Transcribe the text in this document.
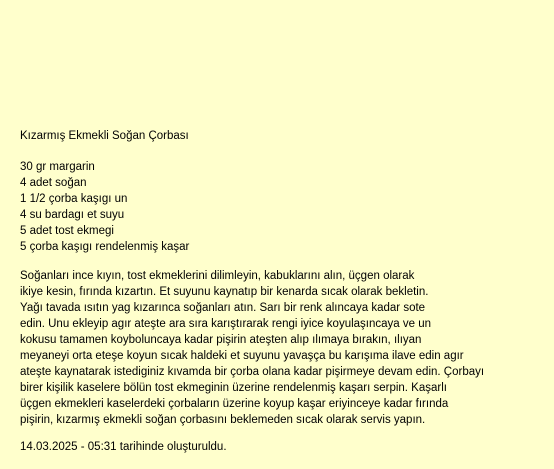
Kızarmış Ekmekli Soğan Çorbası
30 gr margarin
4 adet soğan
1 1/2 çorba kaşıgı un
4 su bardagı et suyu
5 adet tost ekmegi
5 çorba kaşıgı rendelenmiş kaşar
Soğanları ince kıyın, tost ekmeklerini dilimleyin, kabuklarını alın, üçgen olarak
ikiye kesin, fırında kızartın. Et suyunu kaynatıp bir kenarda sıcak olarak bekletin.
Yağı tavada ısıtın yag kızarınca soğanları atın. Sarı bir renk alıncaya kadar sote
edin. Unu ekleyip agır ateşte ara sıra karıştırarak rengi iyice koyulaşıncaya ve un
kokusu tamamen koyboluncaya kadar pişirin ateşten alıp ılımaya bırakın, ılıyan
meyaneyi orta eteşe koyun sıcak haldeki et suyunu yavaşça bu karışıma ilave edin agır
ateşte kaynatarak istediginiz kıvamda bir çorba olana kadar pişirmeye devam edin. Çorbayı
birer kişilik kaselere bölün tost ekmeginin üzerine rendelenmiş kaşarı serpin. Kaşarlı
üçgen ekmekleri kaselerdeki çorbaların üzerine koyup kaşar eriyinceye kadar fırında
pişirin, kızarmış ekmekli soğan çorbasını beklemeden sıcak olarak servis yapın.
14.03.2025 - 05:31 tarihinde oluşturuldu.
